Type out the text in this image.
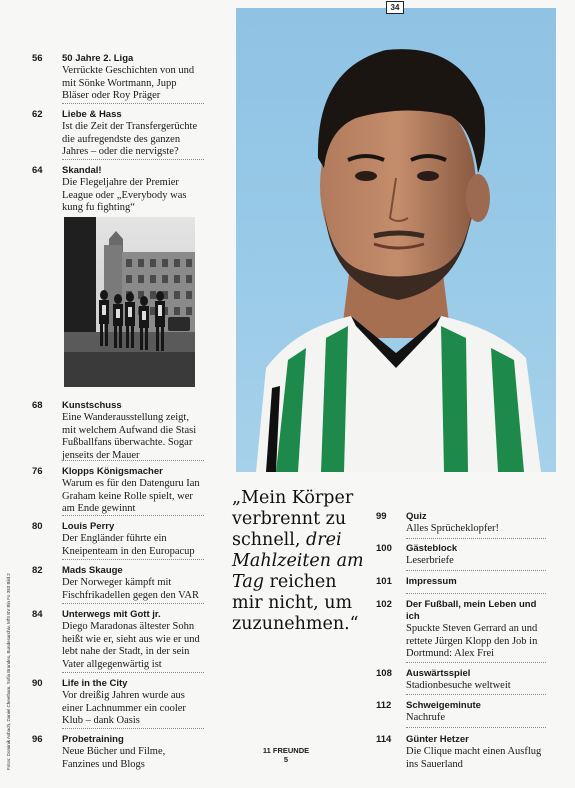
56	50 Jahre 2. Liga
Verrückte Geschichten von und mit Sönke Wortmann, Jupp Bläser oder Roy Präger
62	Liebe & Hass
Ist die Zeit der Transfergerüchte die aufregendste des ganzen Jahres – oder die nervigste?
64	Skandal!
Die Flegeljahre der Premier League oder „Everybody was kung fu fighting“
68	Kunstschuss
Eine Wanderausstellung zeigt, mit welchem Aufwand die Stasi Fußballfans überwachte. Sogar jenseits der Mauer
76	Klopps Königsmacher
Warum es für den Datenguru Ian Graham keine Rolle spielt, wer am Ende gewinnt
80	Louis Perry
Der Engländer führte ein Kneipenteam in den Europacup
82	Mads Skauge
Der Norweger kämpft mit Fischfrikadellen gegen den VAR
84	Unterwegs mit Gott jr.
Diego Maradonas ältester Sohn heißt wie er, sieht aus wie er und lebt nahe der Stadt, in der sein Vater allgegenwärtig ist
90	Life in the City
Vor dreißig Jahren wurde aus einer Lachnummer ein cooler Klub – dank Oasis
96	Probetraining
Neue Bücher und Filme, Fanzines und Blogs
34
„Mein Körper verbrennt zu schnell, drei Mahlzeiten am Tag reichen mir nicht, um zuzunehmen.“
99	Quiz
Alles Sprücheklopfer!
100	Gästeblock
Leserbriefe
101	Impressum
102	Der Fußball, mein Leben und ich
Spuckte Steven Gerrard an und rettete Jürgen Klopp den Job in Dortmund: Alex Frei
108	Auswärtsspiel
Stadionbesuche weltweit
112	Schweigeminute
Nachrufe
114	Günter Hetzer
Die Clique macht einen Ausflug ins Sauerland
11 FREUNDE
5
Fotos: Dominik Asbach, Daniel Cheetham, Sofia Brandes, Bundesarchiv, MfS BV Bln Fo 383 Bild 2
